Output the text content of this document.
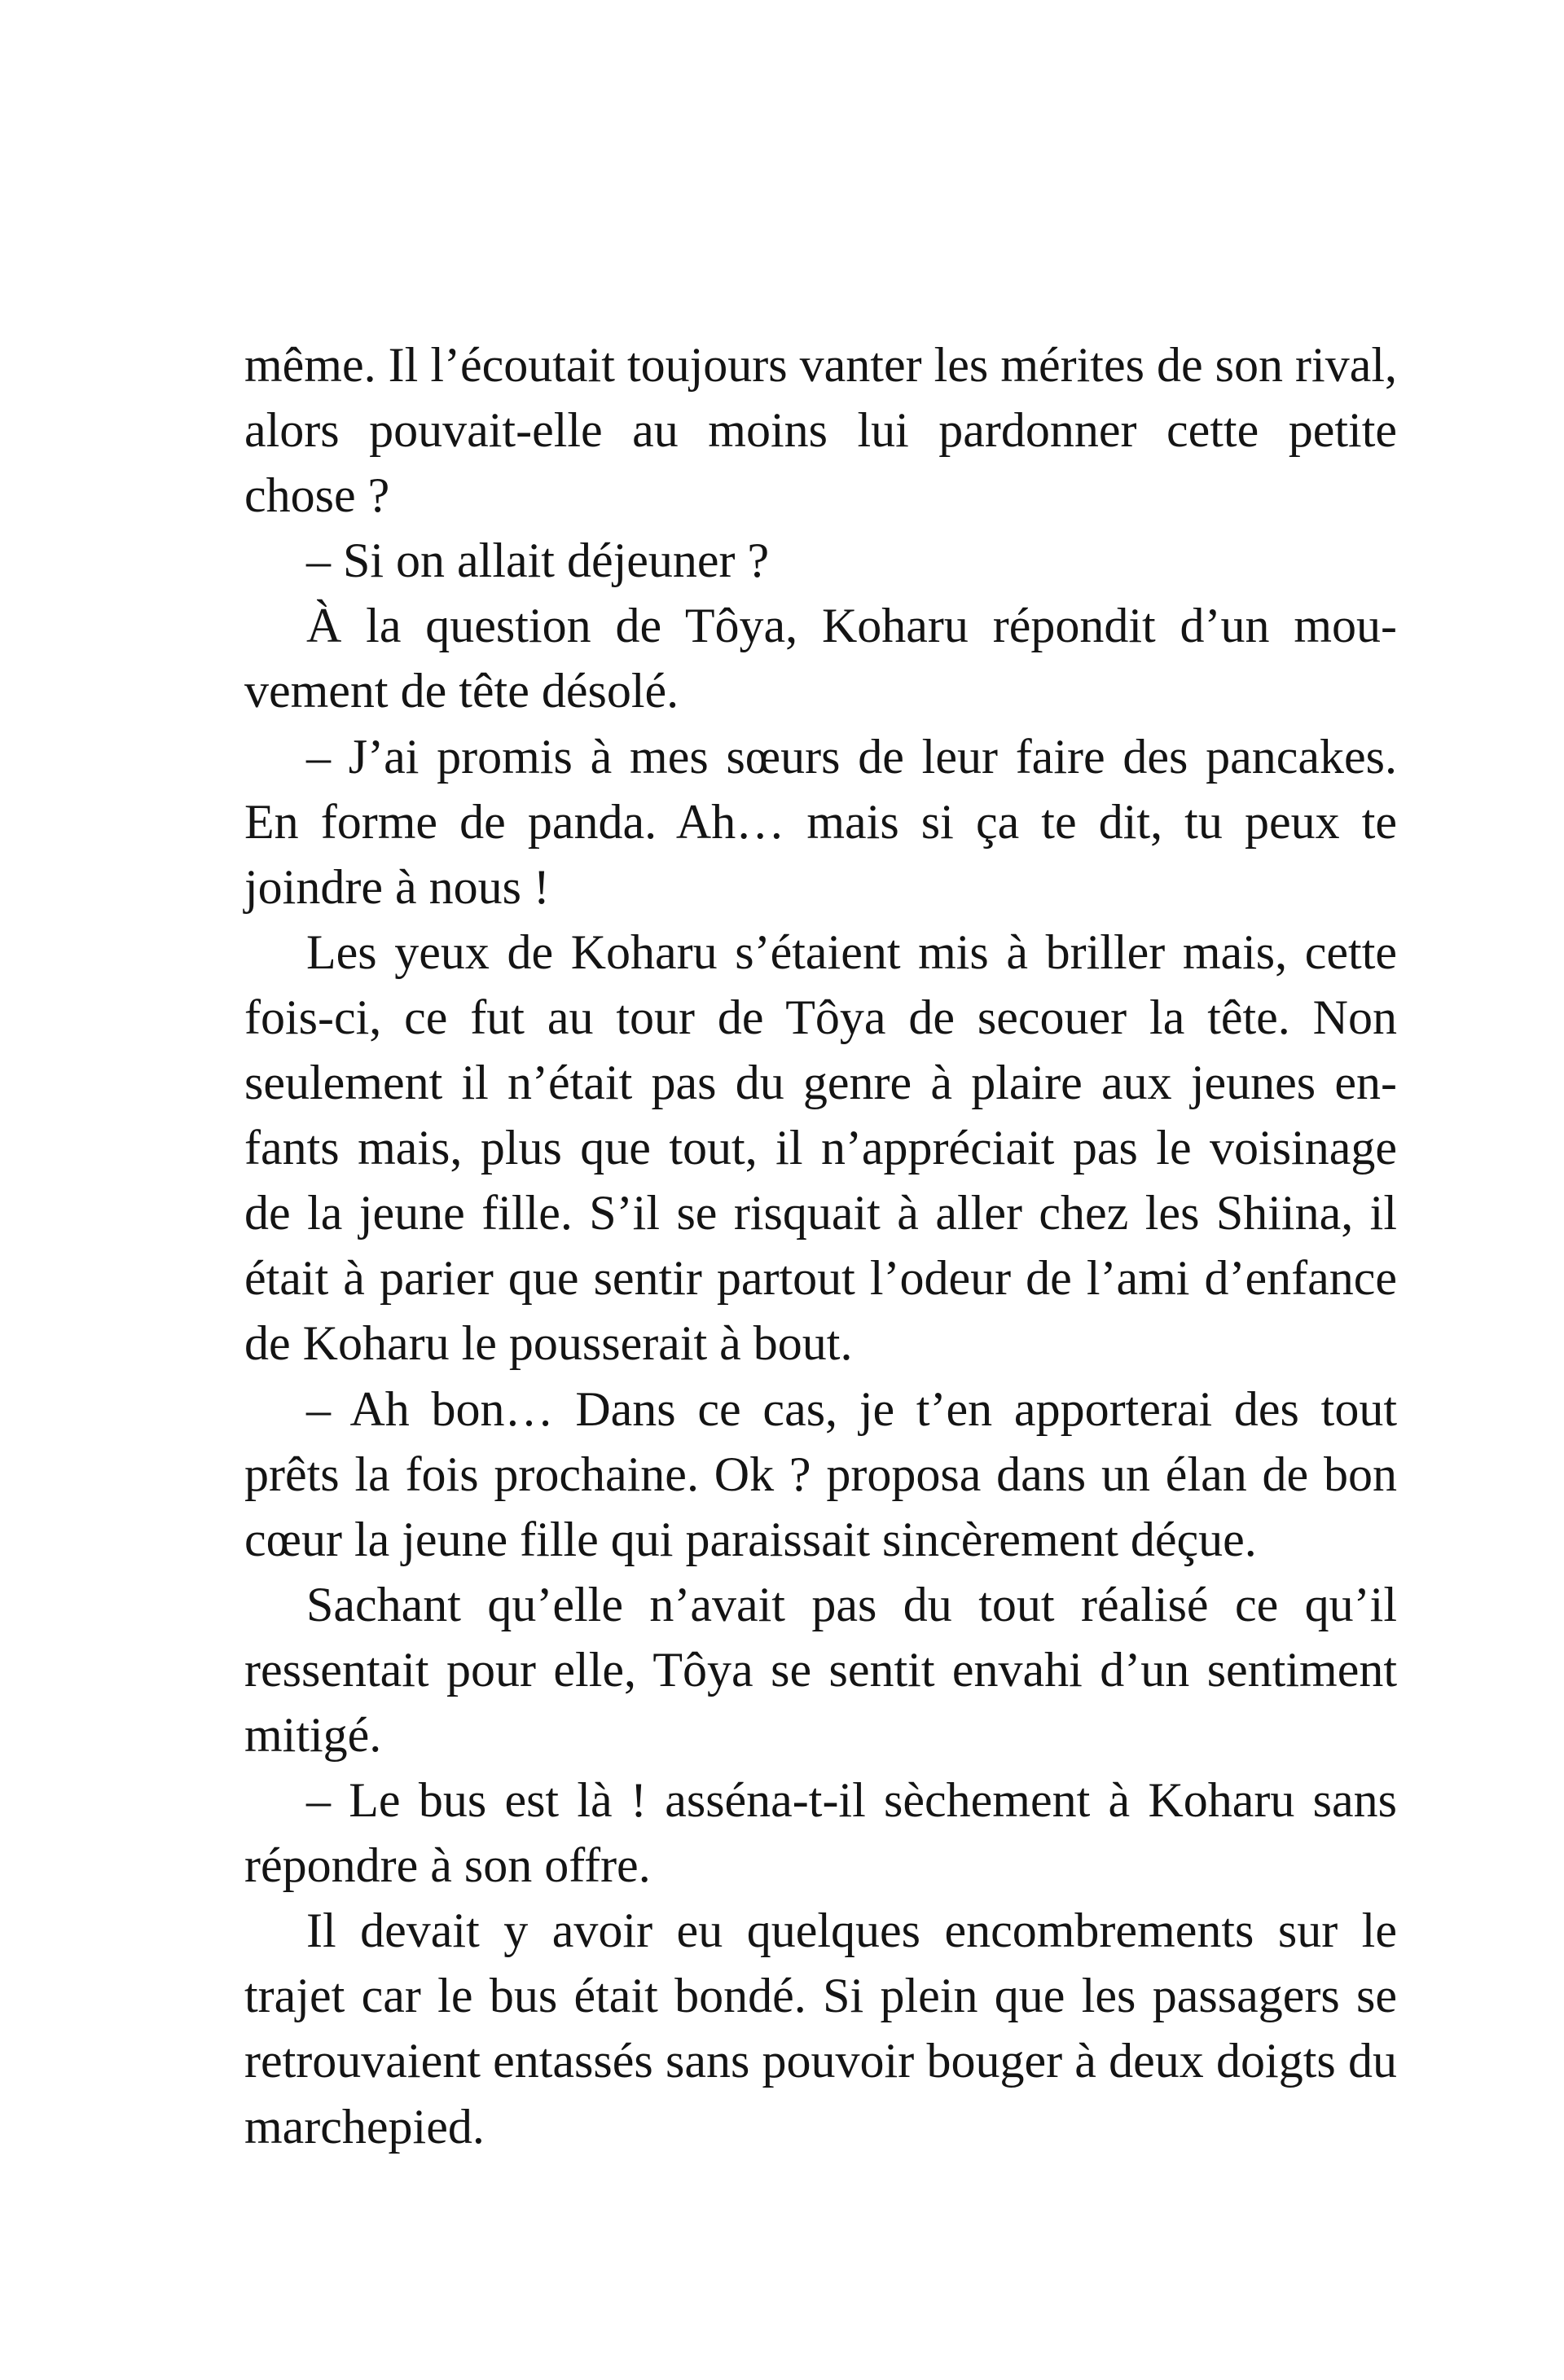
même. Il l’écoutait toujours vanter les mérites de son rival, alors pouvait-elle au moins lui pardonner cette petite chose ?

– Si on allait déjeuner ?

À la question de Tôya, Koharu répondit d’un mouvement de tête désolé.

– J’ai promis à mes sœurs de leur faire des pancakes. En forme de panda. Ah… mais si ça te dit, tu peux te joindre à nous !

Les yeux de Koharu s’étaient mis à briller mais, cette fois-ci, ce fut au tour de Tôya de secouer la tête. Non seulement il n’était pas du genre à plaire aux jeunes enfants mais, plus que tout, il n’appréciait pas le voisinage de la jeune fille. S’il se risquait à aller chez les Shiina, il était à parier que sentir partout l’odeur de l’ami d’enfance de Koharu le pousserait à bout.

– Ah bon… Dans ce cas, je t’en apporterai des tout prêts la fois prochaine. Ok ? proposa dans un élan de bon cœur la jeune fille qui paraissait sincèrement déçue.

Sachant qu’elle n’avait pas du tout réalisé ce qu’il ressentait pour elle, Tôya se sentit envahi d’un sentiment mitigé.

– Le bus est là ! asséna-t-il sèchement à Koharu sans répondre à son offre.

Il devait y avoir eu quelques encombrements sur le trajet car le bus était bondé. Si plein que les passagers se retrouvaient entassés sans pouvoir bouger à deux doigts du marchepied.
